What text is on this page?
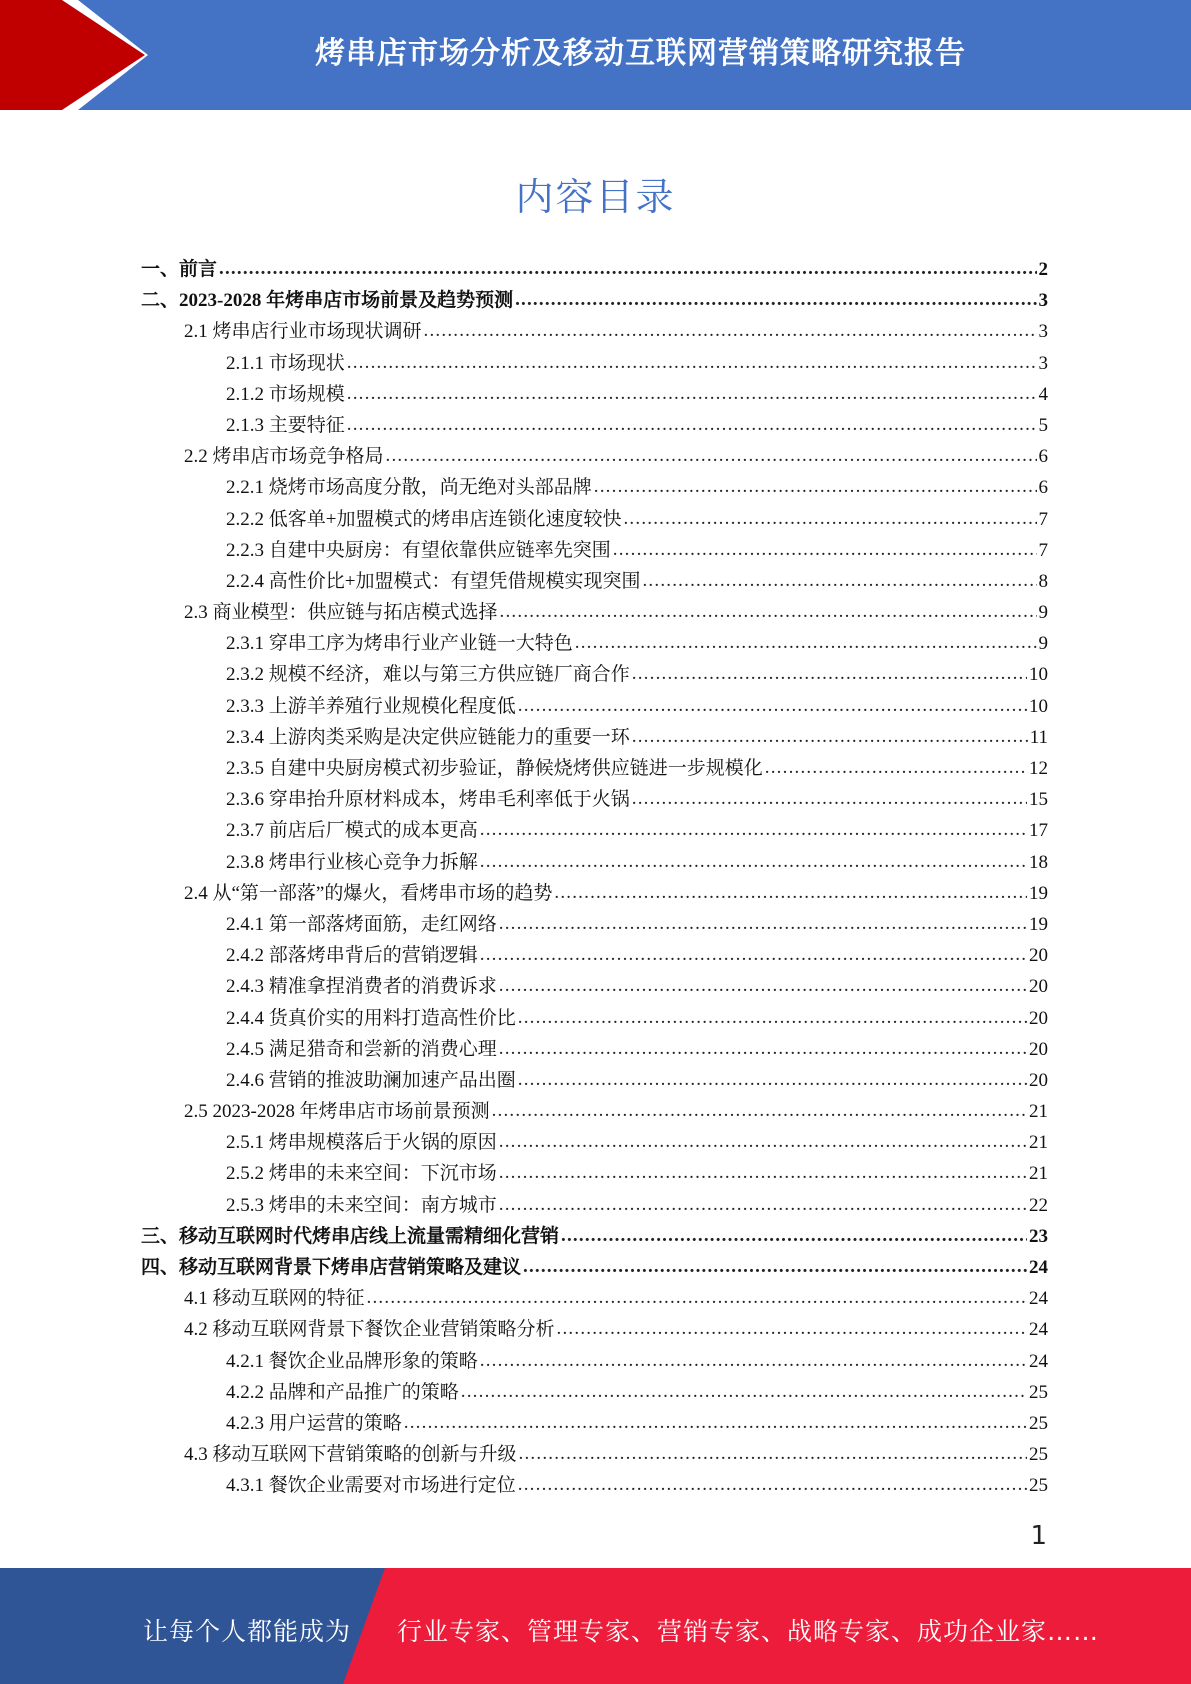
烤串店市场分析及移动互联网营销策略研究报告
内容目录
一、前言 .....	2
二、2023-2028 年烤串店市场前景及趋势预测 .....	3
2.1 烤串店行业市场现状调研 .....	3
2.1.1 市场现状 .....	3
2.1.2 市场规模 .....	4
2.1.3 主要特征 .....	5
2.2 烤串店市场竞争格局 .....	6
2.2.1 烧烤市场高度分散，尚无绝对头部品牌 .....	6
2.2.2 低客单+加盟模式的烤串店连锁化速度较快 .....	7
2.2.3 自建中央厨房：有望依靠供应链率先突围 .....	7
2.2.4 高性价比+加盟模式：有望凭借规模实现突围 .....	8
2.3 商业模型：供应链与拓店模式选择 .....	9
2.3.1 穿串工序为烤串行业产业链一大特色 .....	9
2.3.2 规模不经济，难以与第三方供应链厂商合作 .....	10
2.3.3 上游羊养殖行业规模化程度低 .....	10
2.3.4 上游肉类采购是决定供应链能力的重要一环 .....	11
2.3.5 自建中央厨房模式初步验证，静候烧烤供应链进一步规模化 .....	12
2.3.6 穿串抬升原材料成本，烤串毛利率低于火锅 .....	15
2.3.7 前店后厂模式的成本更高 .....	17
2.3.8 烤串行业核心竞争力拆解 .....	18
2.4 从“第一部落”的爆火，看烤串市场的趋势 .....	19
2.4.1 第一部落烤面筋，走红网络 .....	19
2.4.2 部落烤串背后的营销逻辑 .....	20
2.4.3 精准拿捏消费者的消费诉求 .....	20
2.4.4 货真价实的用料打造高性价比 .....	20
2.4.5 满足猎奇和尝新的消费心理 .....	20
2.4.6 营销的推波助澜加速产品出圈 .....	20
2.5 2023-2028 年烤串店市场前景预测 .....	21
2.5.1 烤串规模落后于火锅的原因 .....	21
2.5.2 烤串的未来空间：下沉市场 .....	21
2.5.3 烤串的未来空间：南方城市 .....	22
三、移动互联网时代烤串店线上流量需精细化营销 .....	23
四、移动互联网背景下烤串店营销策略及建议 .....	24
4.1 移动互联网的特征 .....	24
4.2 移动互联网背景下餐饮企业营销策略分析 .....	24
4.2.1 餐饮企业品牌形象的策略 .....	24
4.2.2 品牌和产品推广的策略 .....	25
4.2.3 用户运营的策略 .....	25
4.3 移动互联网下营销策略的创新与升级 .....	25
4.3.1 餐饮企业需要对市场进行定位 .....	25
1
让每个人都能成为 行业专家、管理专家、营销专家、战略专家、成功企业家……
